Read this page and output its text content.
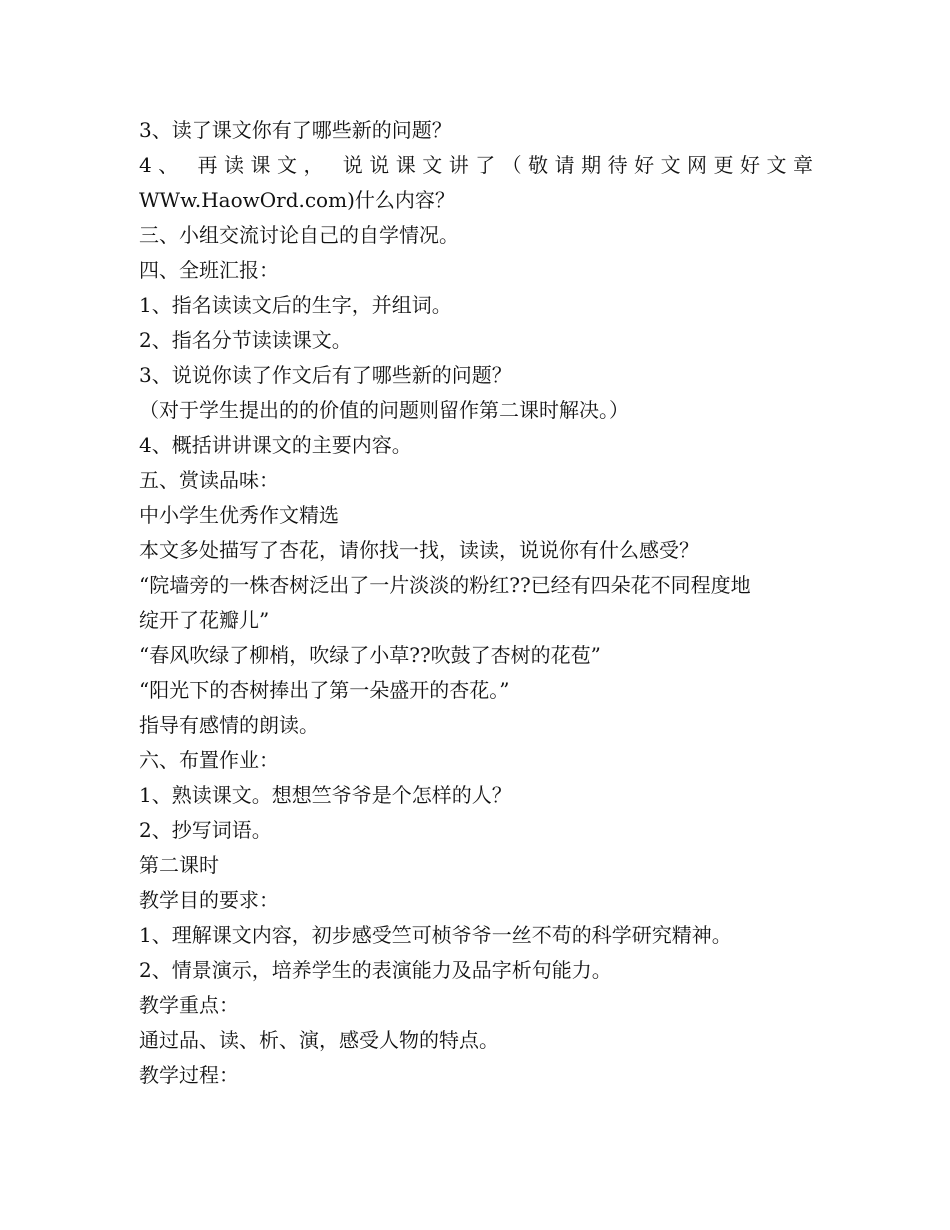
3、读了课文你有了哪些新的问题？
4、 再读课文， 说说课文讲了（敬请期待好文网更好文章
WWw.HaowOrd.com)什么内容？
三、小组交流讨论自己的自学情况。
四、全班汇报：
1、指名读读文后的生字，并组词。
2、指名分节读读课文。
3、说说你读了作文后有了哪些新的问题？
（对于学生提出的的价值的问题则留作第二课时解决。）
4、概括讲讲课文的主要内容。
五、赏读品味：
中小学生优秀作文精选
本文多处描写了杏花，请你找一找，读读，说说你有什么感受？
“院墙旁的一株杏树泛出了一片淡淡的粉红??已经有四朵花不同程度地
绽开了花瓣儿”
“春风吹绿了柳梢，吹绿了小草??吹鼓了杏树的花苞”
“阳光下的杏树捧出了第一朵盛开的杏花。”
指导有感情的朗读。
六、布置作业：
1、熟读课文。想想竺爷爷是个怎样的人？
2、抄写词语。
第二课时
教学目的要求：
1、理解课文内容，初步感受竺可桢爷爷一丝不苟的科学研究精神。
2、情景演示，培养学生的表演能力及品字析句能力。
教学重点：
通过品、读、析、演，感受人物的特点。
教学过程：
